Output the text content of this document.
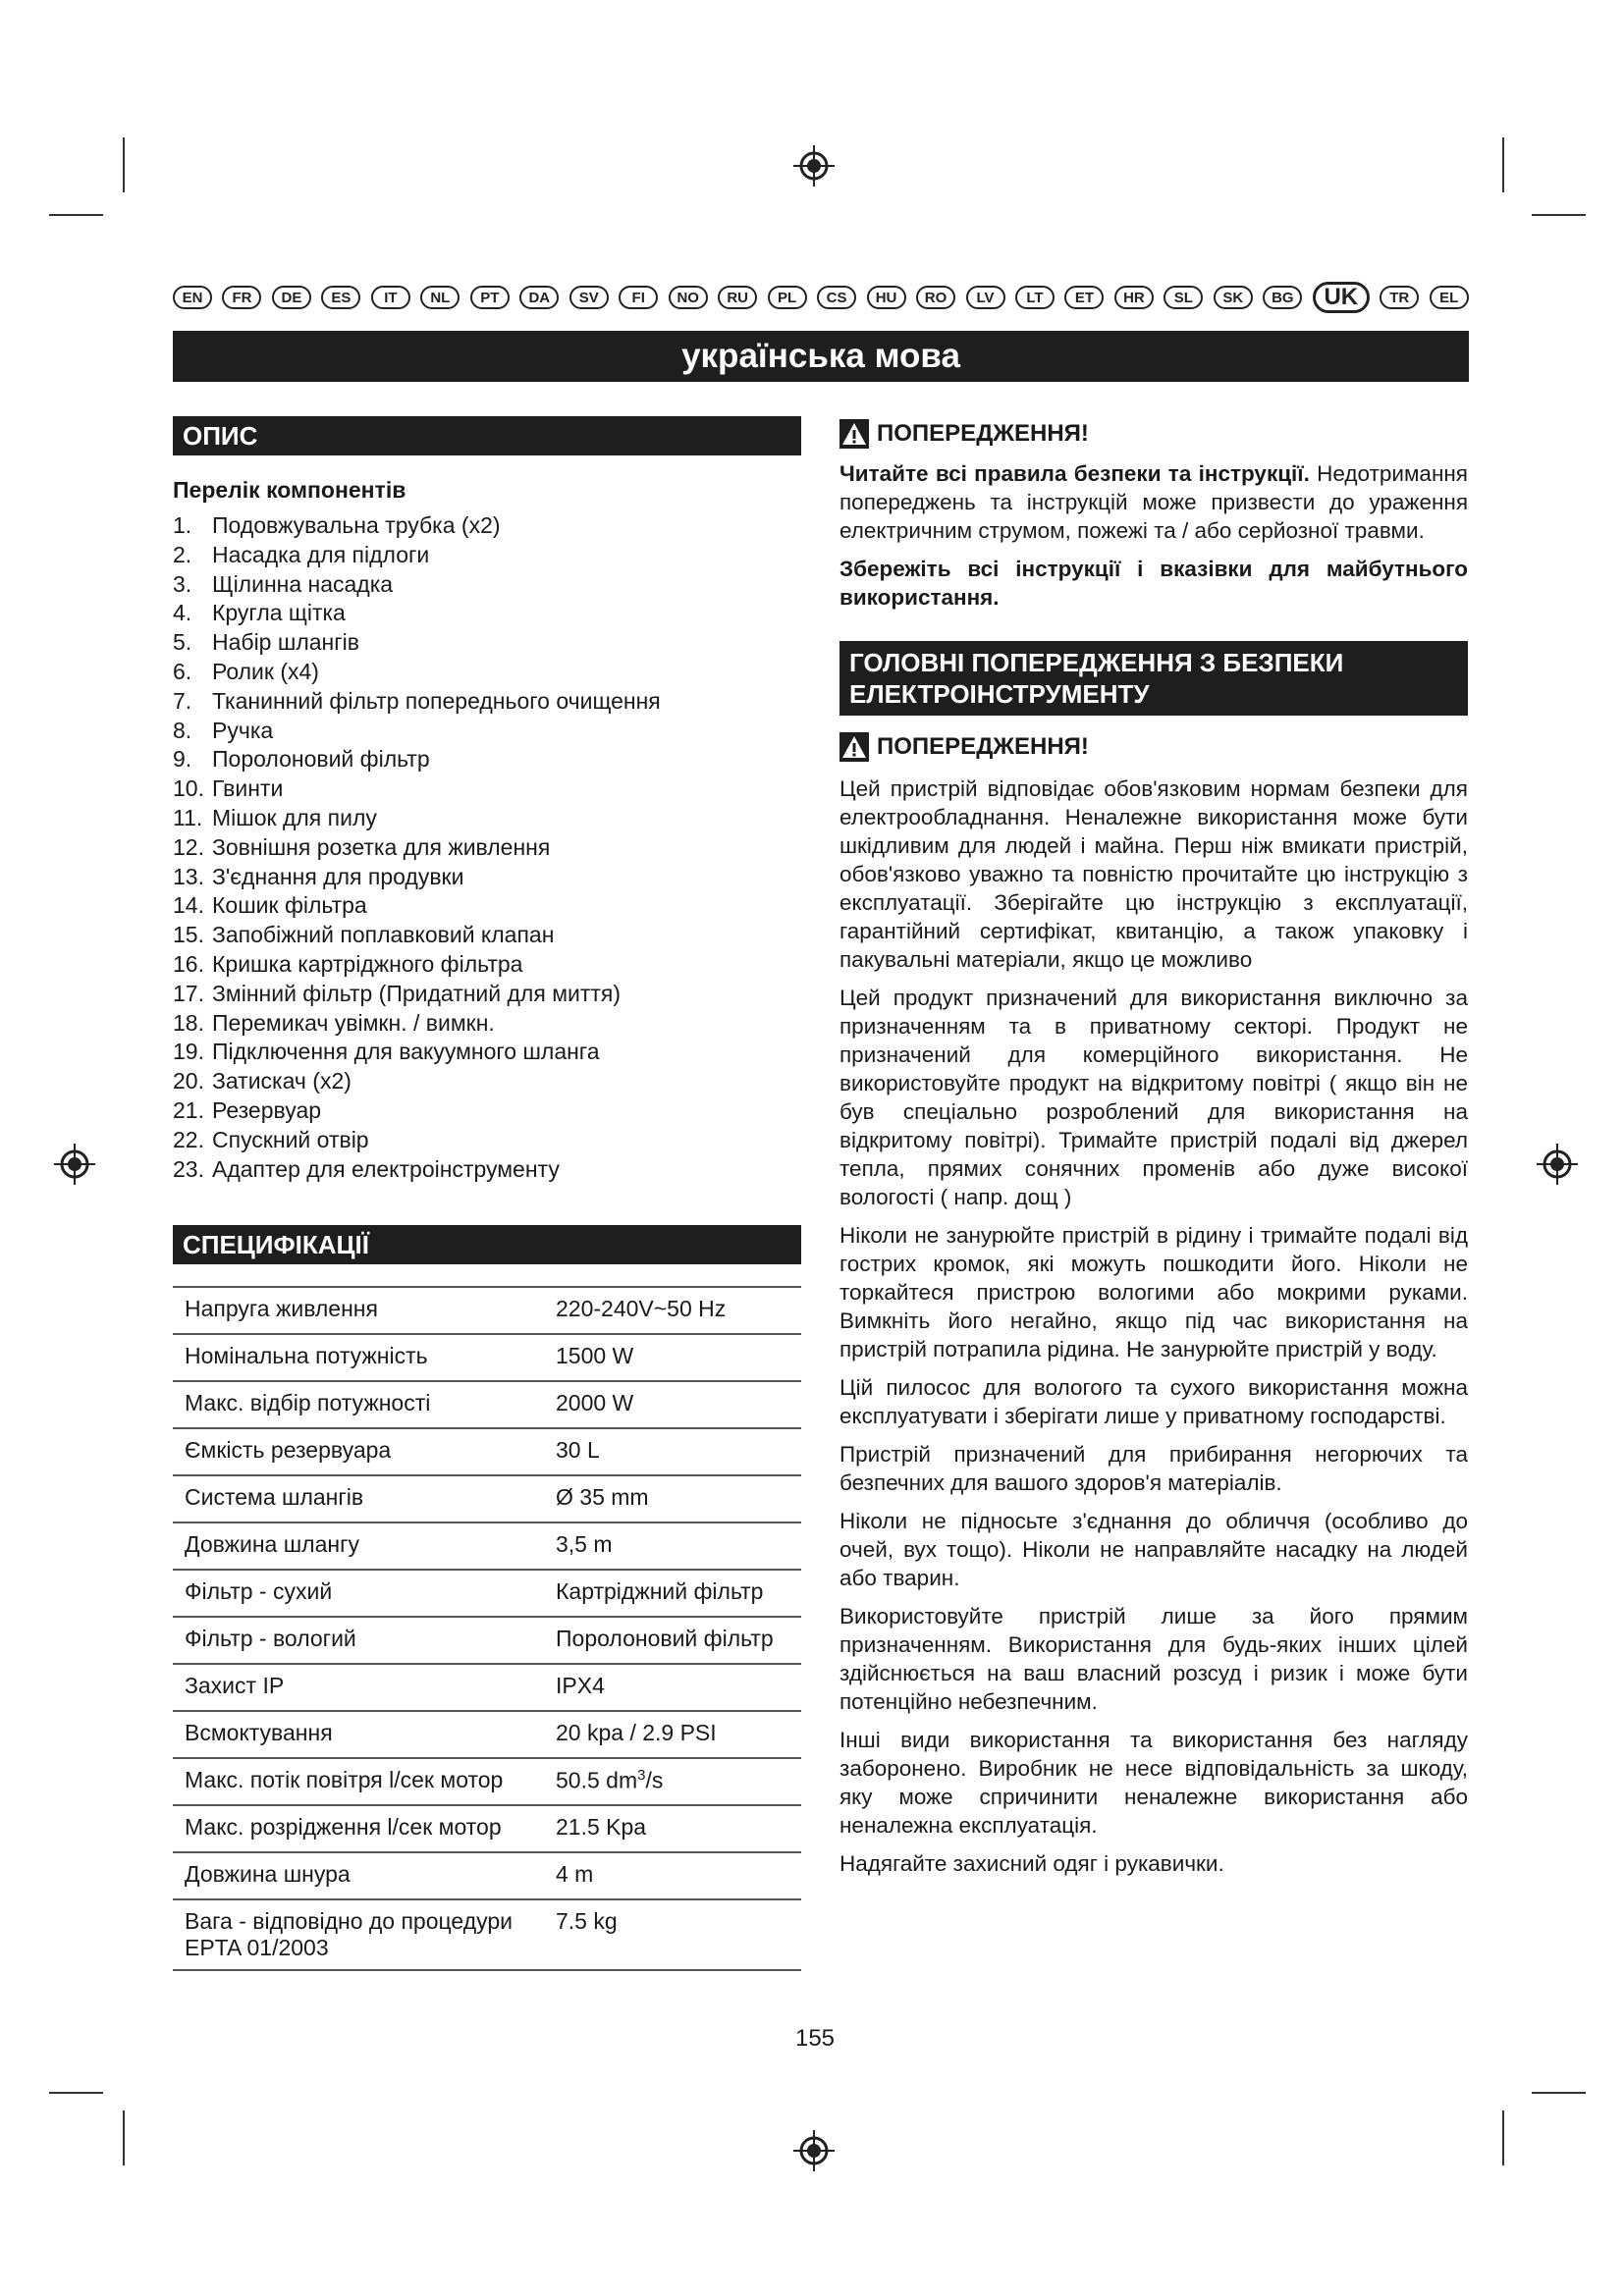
EN	FR	DE	ES	IT	NL	PT	DA	SV	FI	NO	RU	PL	CS	HU	RO	LV	LT	ET	HR	SL	SK	BG	UK	TR	EL
українська мова
ОПИС
Перелік компонентів
1. Подовжувальна трубка (x2)
2. Насадка для підлоги
3. Щілинна насадка
4. Кругла щітка
5. Набір шлангів
6. Ролик (x4)
7. Тканинний фільтр попереднього очищення
8. Ручка
9. Поролоновий фільтр
10. Гвинти
11. Мішок для пилу
12. Зовнішня розетка для живлення
13. З'єднання для продувки
14. Кошик фільтра
15. Запобіжний поплавковий клапан
16. Кришка картріджного фільтра
17. Змінний фільтр (Придатний для миття)
18. Перемикач увімкн. / вимкн.
19. Підключення для вакуумного шланга
20. Затискач (x2)
21. Резервуар
22. Спускний отвір
23. Адаптер для електроінструменту
СПЕЦИФІКАЦІЇ
Напруга живлення	220-240V~50 Hz
Номінальна потужність	1500 W
Макс. відбір потужності	2000 W
Ємкість резервуара	30 L
Система шлангів	Ø 35 mm
Довжина шлангу	3,5 m
Фільтр - сухий	Картріджний фільтр
Фільтр - вологий	Поролоновий фільтр
Захист IP	IPX4
Всмоктування	20 kpa / 2.9 PSI
Макс. потік повітря l/сек мотор	50.5 $dm^3/s$
Макс. розрідження l/сек мотор	21.5 Kpa
Довжина шнура	4 m
Вага - відповідно до процедури EPTA 01/2003	7.5 kg
ПОПЕРЕДЖЕННЯ!

Читайте всі правила безпеки та інструкції. Недотримання попереджень та інструкцій може призвести до ураження електричним струмом, пожежі та / або серйозної травми.

Збережіть всі інструкції і вказівки для майбутнього використання.

ГОЛОВНІ ПОПЕРЕДЖЕННЯ З БЕЗПЕКИ
ЕЛЕКТРОІНСТРУМЕНТУ
ПОПЕРЕДЖЕННЯ!

Цей пристрій відповідає обов'язковим нормам безпеки для електрообладнання. Неналежне використання може бути шкідливим для людей і майна. Перш ніж вмикати пристрій, обов'язково уважно та повністю прочитайте цю інструкцію з експлуатації. Зберігайте цю інструкцію з експлуатації, гарантійний сертифікат, квитанцію, а також упаковку і пакувальні матеріали, якщо це можливо

Цей продукт призначений для використання виключно за призначенням та в приватному секторі. Продукт не призначений для комерційного використання. Не використовуйте продукт на відкритому повітрі ( якщо він не був спеціально розроблений для використання на відкритому повітрі). Тримайте пристрій подалі від джерел тепла, прямих сонячних променів або дуже високої вологості ( напр. дощ )

Ніколи не занурюйте пристрій в рідину і тримайте подалі від гострих кромок, які можуть пошкодити його. Ніколи не торкайтеся пристрою вологими або мокрими руками. Вимкніть його негайно, якщо під час використання на пристрій потрапила рідина. Не занурюйте пристрій у воду.

Цій пилосос для вологого та сухого використання можна експлуатувати і зберігати лише у приватному господарстві.

Пристрій призначений для прибирання негорючих та безпечних для вашого здоров'я матеріалів.

Ніколи не підносьте з'єднання до обличчя (особливо до очей, вух тощо). Ніколи не направляйте насадку на людей або тварин.

Використовуйте пристрій лише за його прямим призначенням. Використання для будь-яких інших цілей здійснюється на ваш власний розсуд і ризик і може бути потенційно небезпечним.

Інші види використання та використання без нагляду заборонено. Виробник не несе відповідальність за шкоду, яку може спричинити неналежне використання або неналежна експлуатація.

Надягайте захисний одяг і рукавички.

155
